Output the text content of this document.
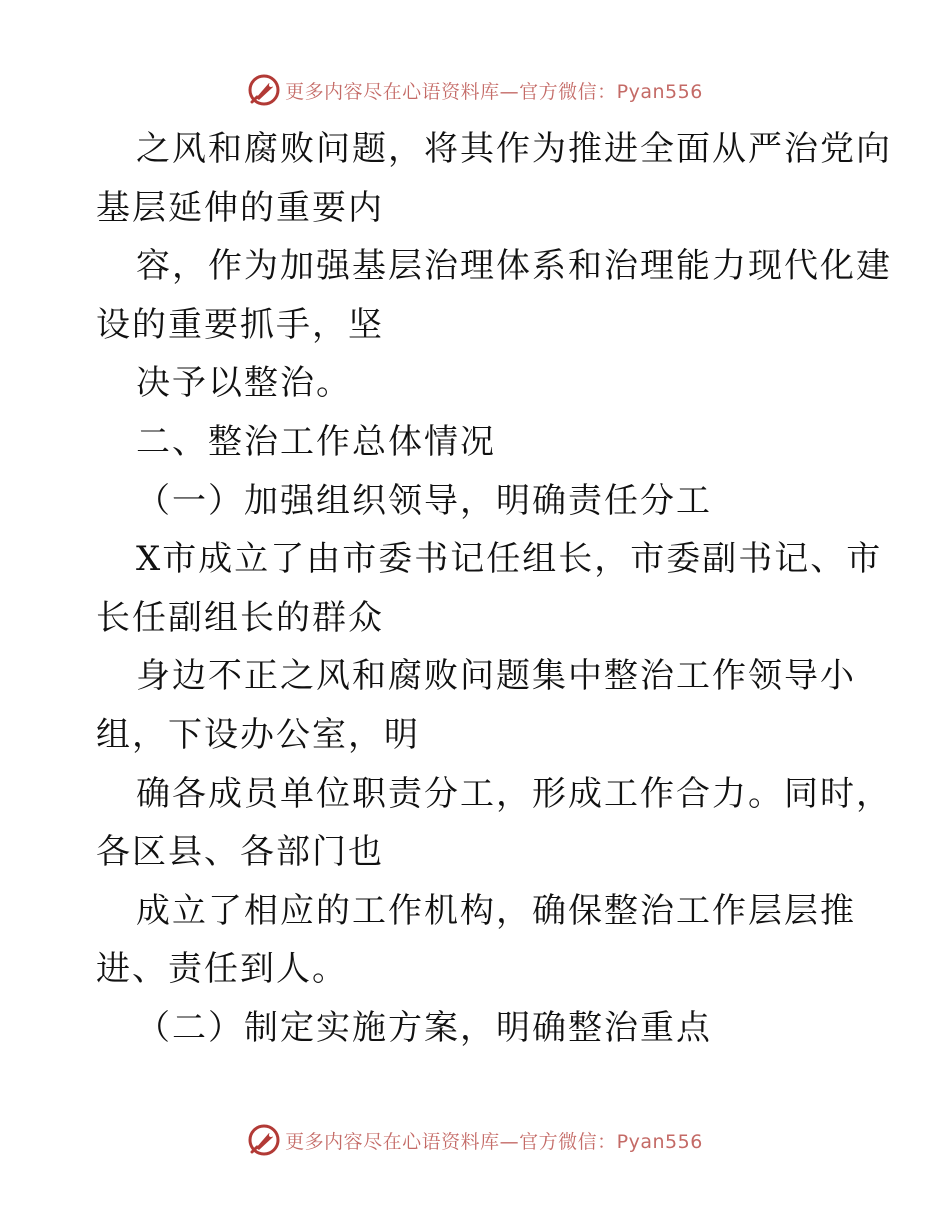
更多内容尽在心语资料库—官方微信：Pyan556
之风和腐败问题，将其作为推进全面从严治党向
基层延伸的重要内
容，作为加强基层治理体系和治理能力现代化建
设的重要抓手，坚
决予以整治。
二、整治工作总体情况
（一）加强组织领导，明确责任分工
X市成立了由市委书记任组长，市委副书记、市
长任副组长的群众
身边不正之风和腐败问题集中整治工作领导小
组，下设办公室，明
确各成员单位职责分工，形成工作合力。同时，
各区县、各部门也
成立了相应的工作机构，确保整治工作层层推
进、责任到人。
（二）制定实施方案，明确整治重点
更多内容尽在心语资料库—官方微信：Pyan556
